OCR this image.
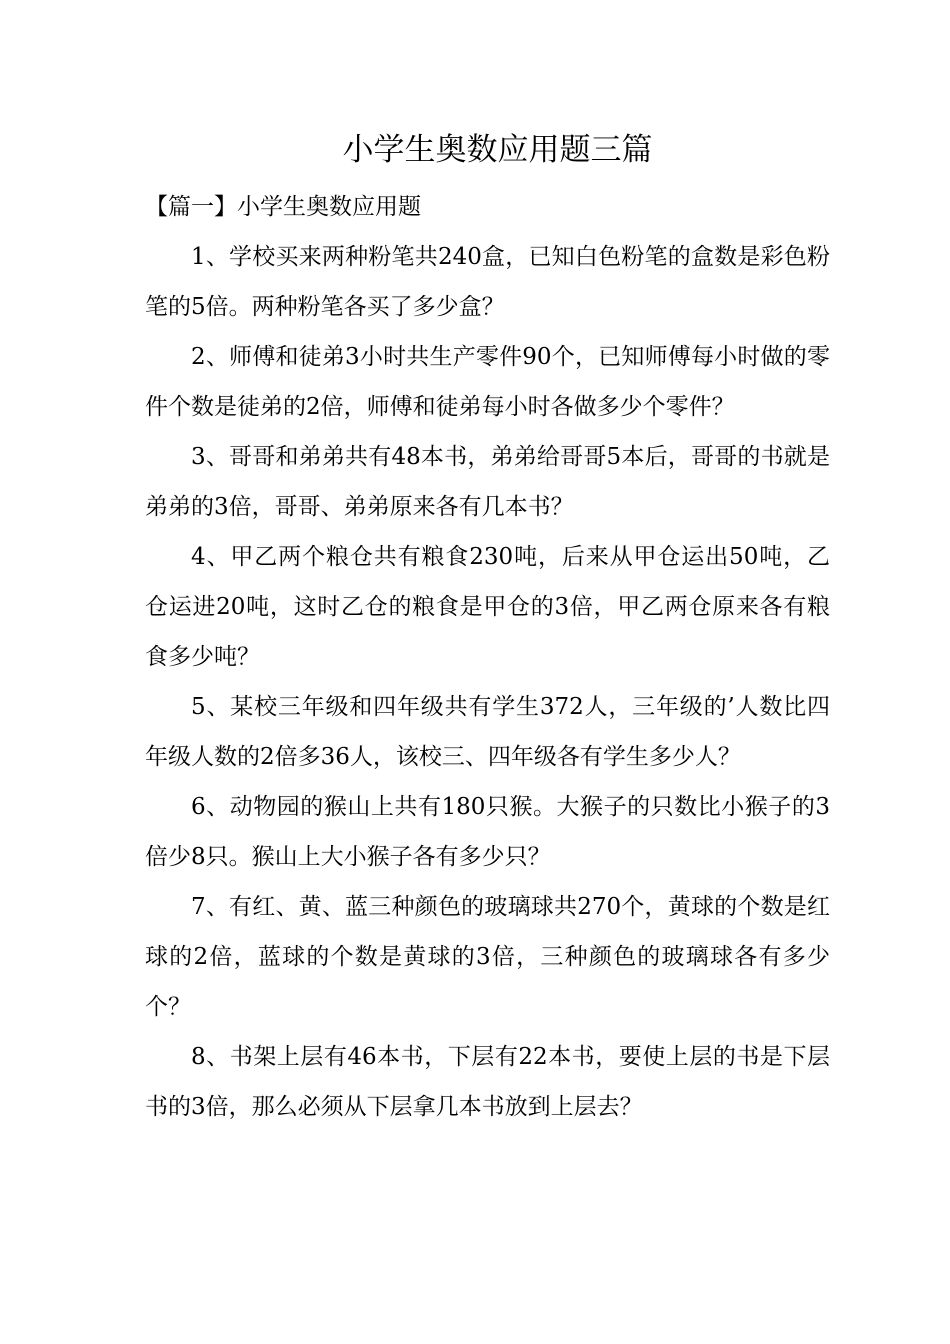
小学生奥数应用题三篇

【篇一】小学生奥数应用题

1、学校买来两种粉笔共240盒，已知白色粉笔的盒数是彩色粉笔的5倍。两种粉笔各买了多少盒？

2、师傅和徒弟3小时共生产零件90个，已知师傅每小时做的零件个数是徒弟的2倍，师傅和徒弟每小时各做多少个零件？

3、哥哥和弟弟共有48本书，弟弟给哥哥5本后，哥哥的书就是弟弟的3倍，哥哥、弟弟原来各有几本书？

4、甲乙两个粮仓共有粮食230吨，后来从甲仓运出50吨，乙仓运进20吨，这时乙仓的粮食是甲仓的3倍，甲乙两仓原来各有粮食多少吨？

5、某校三年级和四年级共有学生372人，三年级的’人数比四年级人数的2倍多36人，该校三、四年级各有学生多少人？

6、动物园的猴山上共有180只猴。大猴子的只数比小猴子的3倍少8只。猴山上大小猴子各有多少只？

7、有红、黄、蓝三种颜色的玻璃球共270个，黄球的个数是红球的2倍，蓝球的个数是黄球的3倍，三种颜色的玻璃球各有多少个？

8、书架上层有46本书，下层有22本书，要使上层的书是下层书的3倍，那么必须从下层拿几本书放到上层去？
